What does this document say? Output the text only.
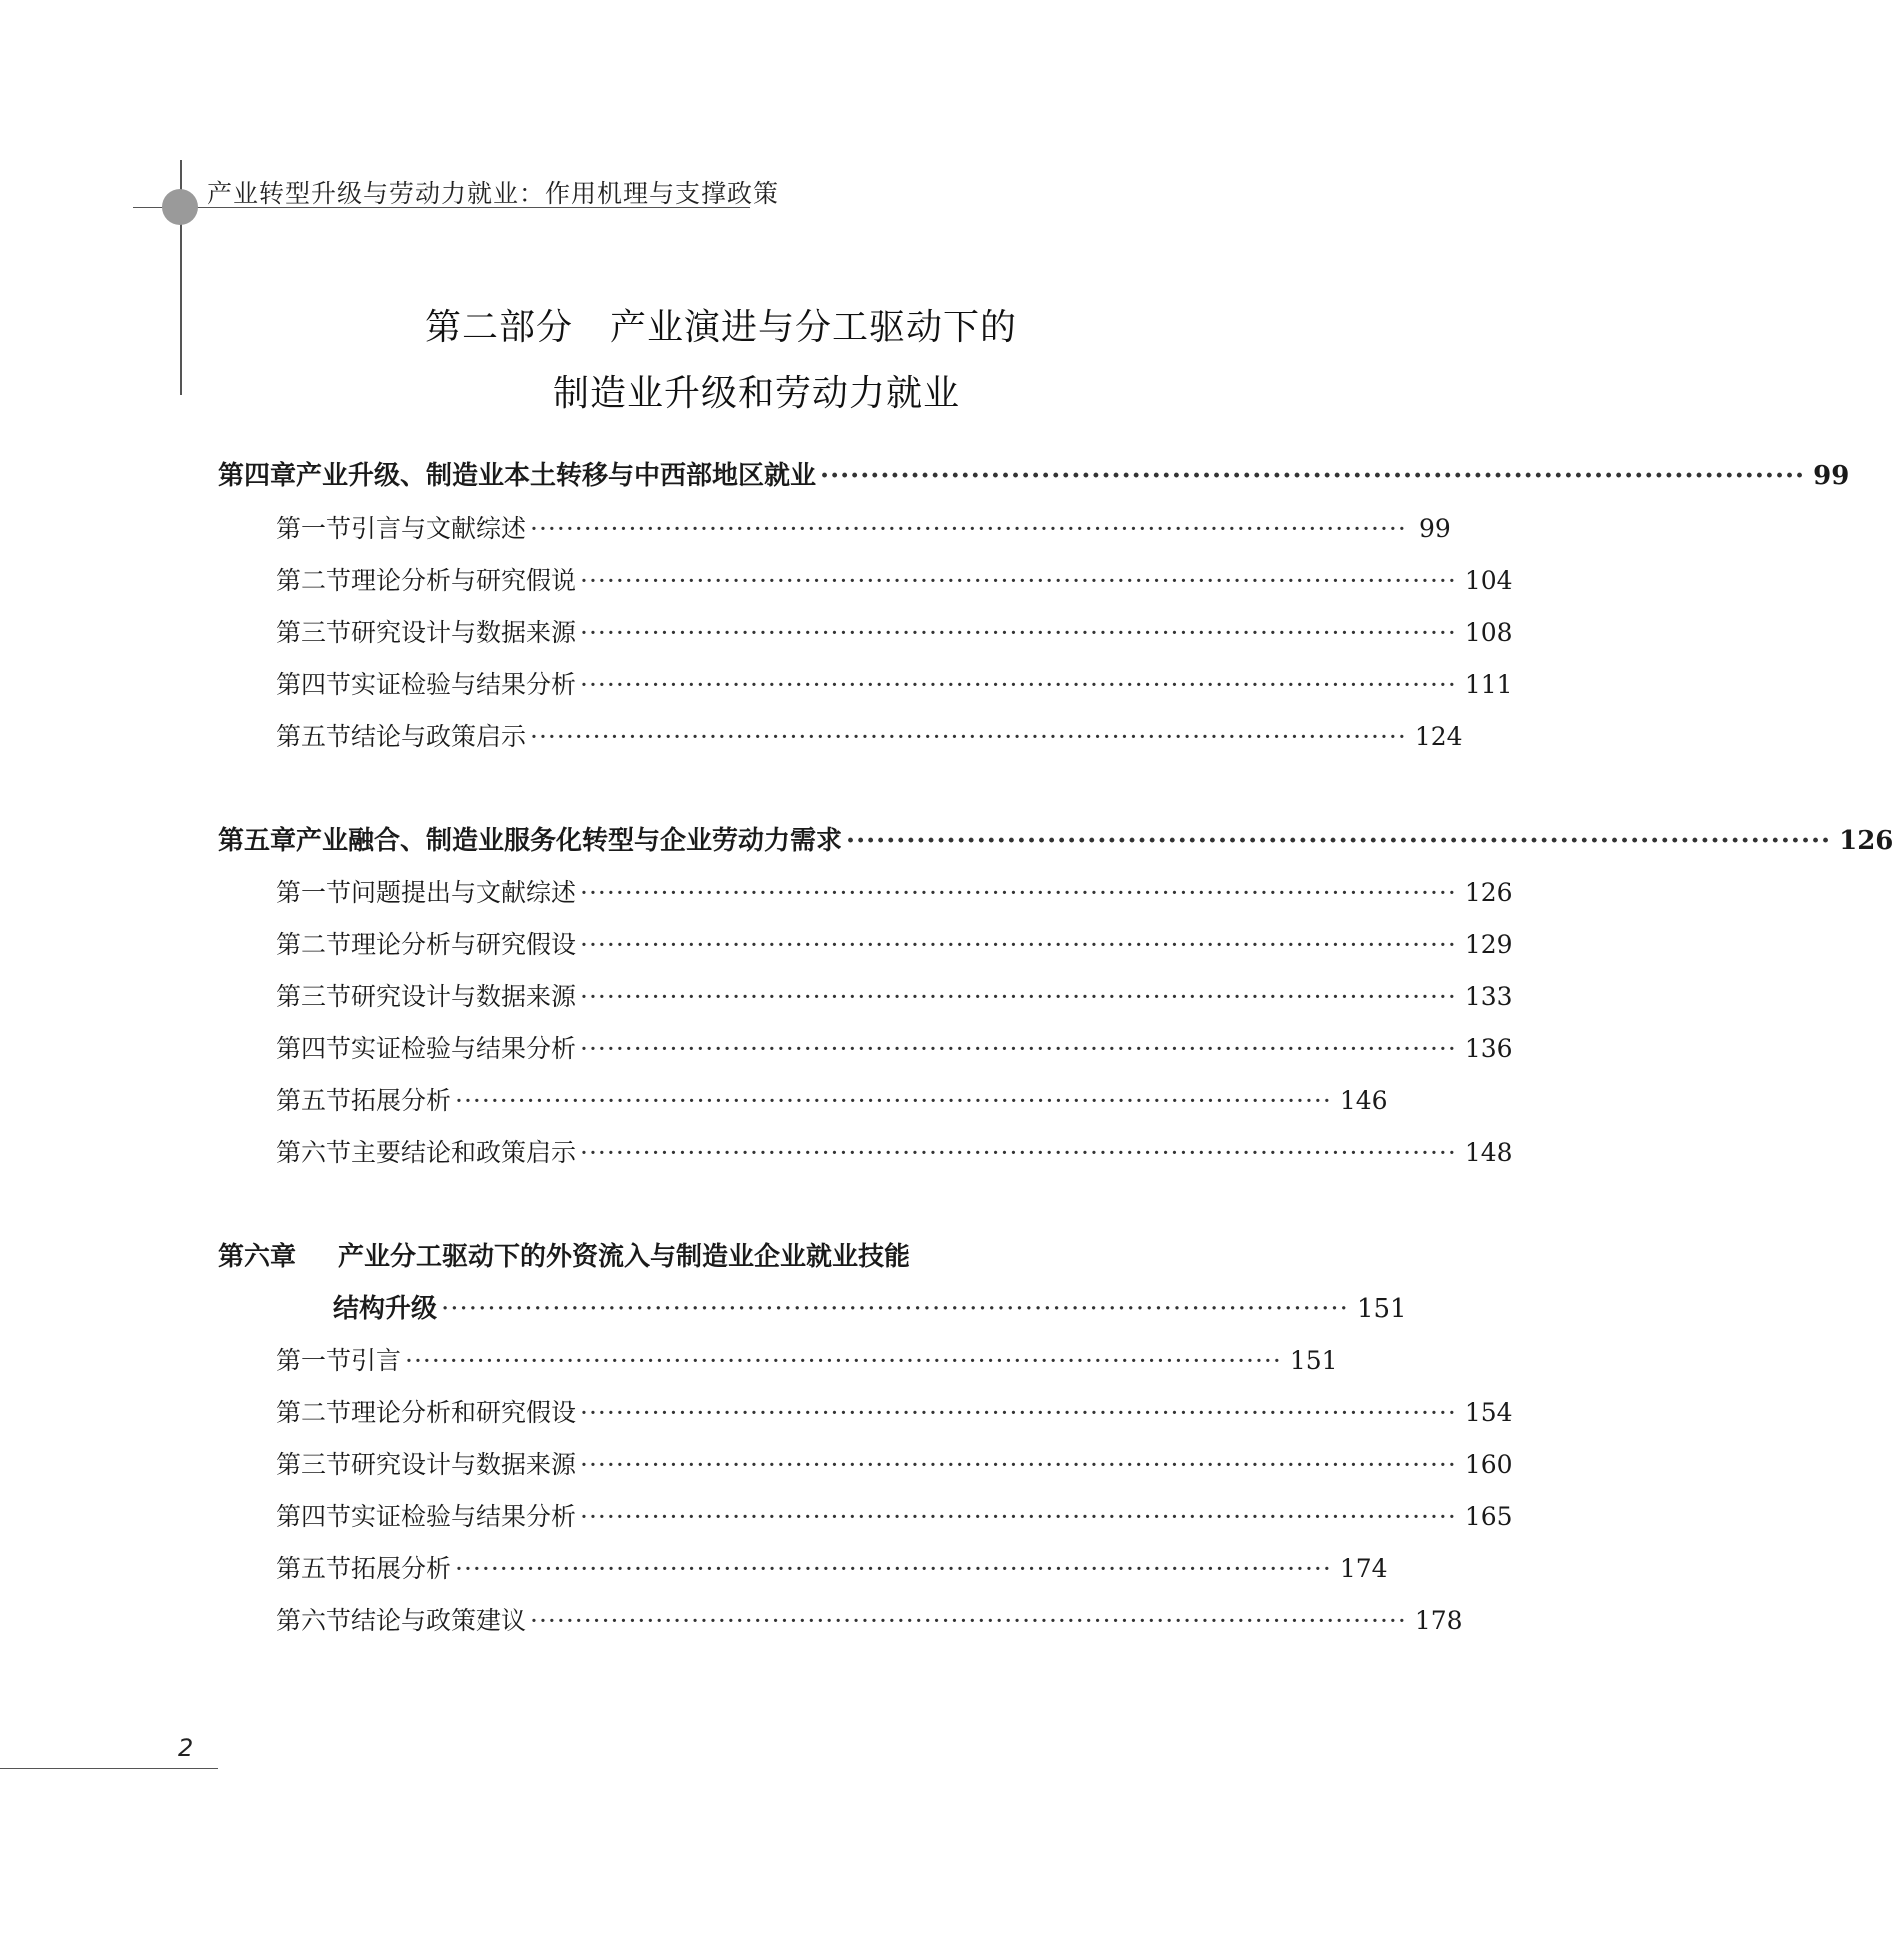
产业转型升级与劳动力就业：作用机理与支撑政策
第二部分　产业演进与分工驱动下的
制造业升级和劳动力就业
第四章 产业升级、制造业本土转移与中西部地区就业 ·································································································· 99
第一节 引言与文献综述 ·································································································· 99
第二节 理论分析与研究假说 ·································································································· 104
第三节 研究设计与数据来源 ·································································································· 108
第四节 实证检验与结果分析 ·································································································· 111
第五节 结论与政策启示 ·································································································· 124
第五章 产业融合、制造业服务化转型与企业劳动力需求 ·································································································· 126
第一节 问题提出与文献综述 ·································································································· 126
第二节 理论分析与研究假设 ·································································································· 129
第三节 研究设计与数据来源 ·································································································· 133
第四节 实证检验与结果分析 ·································································································· 136
第五节 拓展分析 ·································································································· 146
第六节 主要结论和政策启示 ·································································································· 148
第六章	产业分工驱动下的外资流入与制造业企业就业技能
结构升级 ·································································································· 151
第一节 引言 ·································································································· 151
第二节 理论分析和研究假设 ·································································································· 154
第三节 研究设计与数据来源 ·································································································· 160
第四节 实证检验与结果分析 ·································································································· 165
第五节 拓展分析 ·································································································· 174
第六节 结论与政策建议 ·································································································· 178
2
